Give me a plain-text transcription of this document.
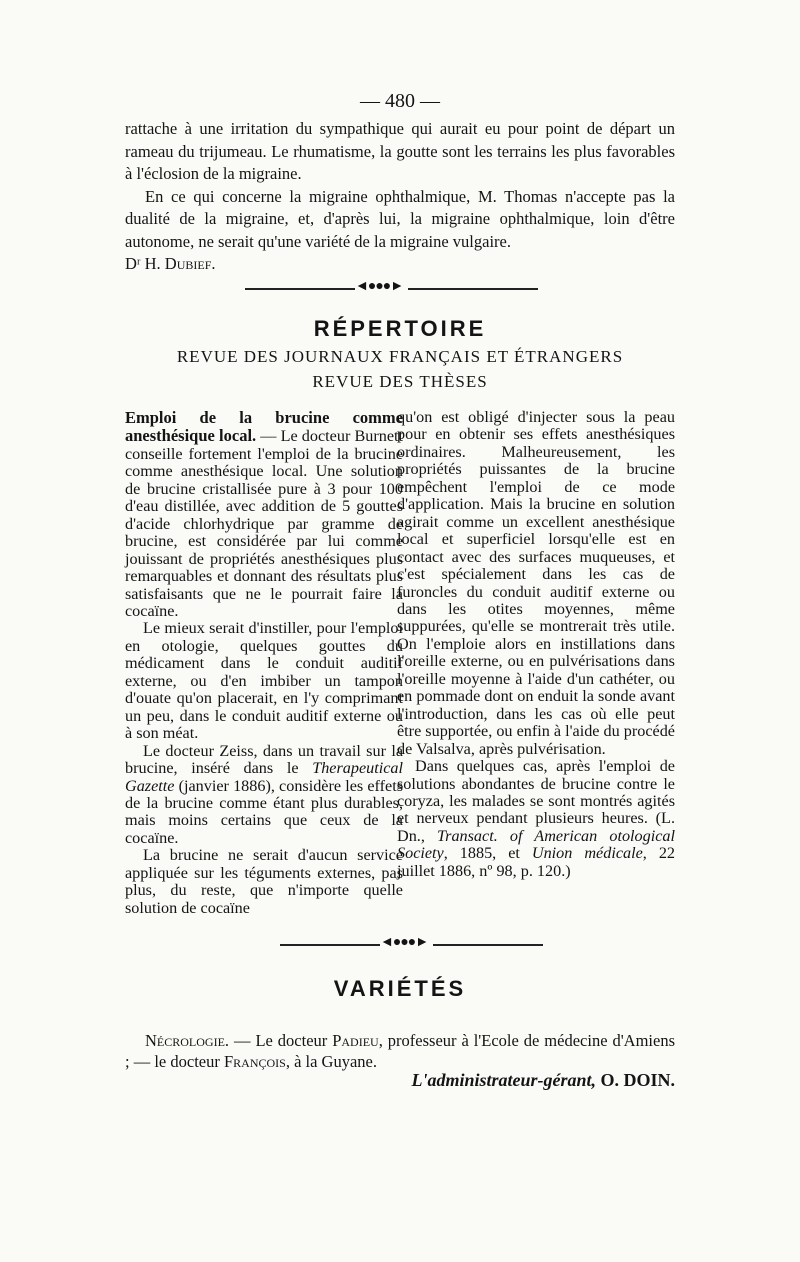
— 480 —

rattache à une irritation du sympathique qui aurait eu pour point de départ un rameau du trijumeau. Le rhumatisme, la goutte sont les terrains les plus favorables à l'éclosion de la migraine.

En ce qui concerne la migraine ophthalmique, M. Thomas n'accepte pas la dualité de la migraine, et, d'après lui, la migraine ophthalmique, loin d'être autonome, ne serait qu'une variété de la migraine vulgaire.

Dʳ H. Dubief.

◄●●●►
RÉPERTOIRE
REVUE DES JOURNAUX FRANÇAIS ET ÉTRANGERS
REVUE DES THÈSES

Emploi de la brucine comme anesthésique local. — Le docteur Burnett conseille fortement l'emploi de la brucine comme anesthésique local. Une solution de brucine cristallisée pure à 3 pour 100 d'eau distillée, avec addition de 5 gouttes d'acide chlorhydrique par gramme de brucine, est considérée par lui comme jouissant de propriétés anesthésiques plus remarquables et donnant des résultats plus satisfaisants que ne le pourrait faire la cocaïne.

Le mieux serait d'instiller, pour l'emploi en otologie, quelques gouttes du médicament dans le conduit auditif externe, ou d'en imbiber un tampon d'ouate qu'on placerait, en l'y comprimant un peu, dans le conduit auditif externe ou à son méat.

Le docteur Zeiss, dans un travail sur la brucine, inséré dans le Therapeutical Gazette (janvier 1886), considère les effets de la brucine comme étant plus durables, mais moins certains que ceux de la cocaïne.

La brucine ne serait d'aucun service appliquée sur les téguments externes, pas plus, du reste, que n'importe quelle solution de cocaïne

qu'on est obligé d'injecter sous la peau pour en obtenir ses effets anesthésiques ordinaires. Malheureusement, les propriétés puissantes de la brucine empêchent l'emploi de ce mode d'application. Mais la brucine en solution agirait comme un excellent anesthésique local et superficiel lorsqu'elle est en contact avec des surfaces muqueuses, et c'est spécialement dans les cas de furoncles du conduit auditif externe ou dans les otites moyennes, même suppurées, qu'elle se montrerait très utile. On l'emploie alors en instillations dans l'oreille externe, ou en pulvérisations dans l'oreille moyenne à l'aide d'un cathéter, ou en pommade dont on enduit la sonde avant l'introduction, dans les cas où elle peut être supportée, ou enfin à l'aide du procédé de Valsalva, après pulvérisation.

Dans quelques cas, après l'emploi de solutions abondantes de brucine contre le coryza, les malades se sont montrés agités et nerveux pendant plusieurs heures. (L. Dn., Transact. of American otological Society, 1885, et Union médicale, 22 juillet 1886, nº 98, p. 120.)

◄●●●►
VARIÉTÉS
Nécrologie. — Le docteur Padieu, professeur à l'Ecole de médecine d'Amiens ; — le docteur François, à la Guyane.
L'administrateur-gérant, O. DOIN.
